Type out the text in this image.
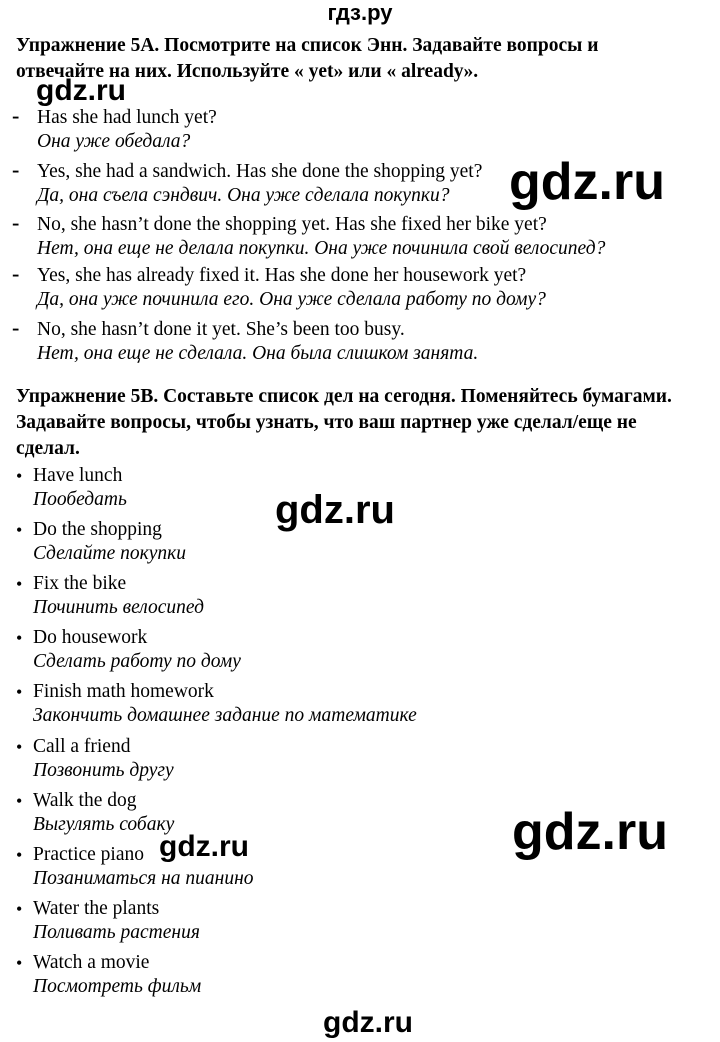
гдз.ру
Упражнение 5А. Посмотрите на список Энн. Задавайте вопросы и
отвечайте на них. Используйте « yet» или « already».
- Has she had lunch yet?
Она уже обедала?
- Yes, she had a sandwich. Has she done the shopping yet?
Да, она съела сэндвич. Она уже сделала покупки?
- No, she hasn’t done the shopping yet. Has she fixed her bike yet?
Нет, она еще не делала покупки. Она уже починила свой велосипед?
- Yes, she has already fixed it. Has she done her housework yet?
Да, она уже починила его. Она уже сделала работу по дому?
- No, she hasn’t done it yet. She’s been too busy.
Нет, она еще не сделала. Она была слишком занята.
Упражнение 5B. Составьте список дел на сегодня. Поменяйтесь бумагами.
Задавайте вопросы, чтобы узнать, что ваш партнер уже сделал/еще не
сделал.
• Have lunch
Пообедать
• Do the shopping
Сделайте покупки
• Fix the bike
Починить велосипед
• Do housework
Сделать работу по дому
• Finish math homework
Закончить домашнее задание по математике
• Call a friend
Позвонить другу
• Walk the dog
Выгулять собаку
• Practice piano
Позаниматься на пианино
• Water the plants
Поливать растения
• Watch a movie
Посмотреть фильм
gdz.ru
gdz.ru
gdz.ru
gdz.ru
gdz.ru
gdz.ru
